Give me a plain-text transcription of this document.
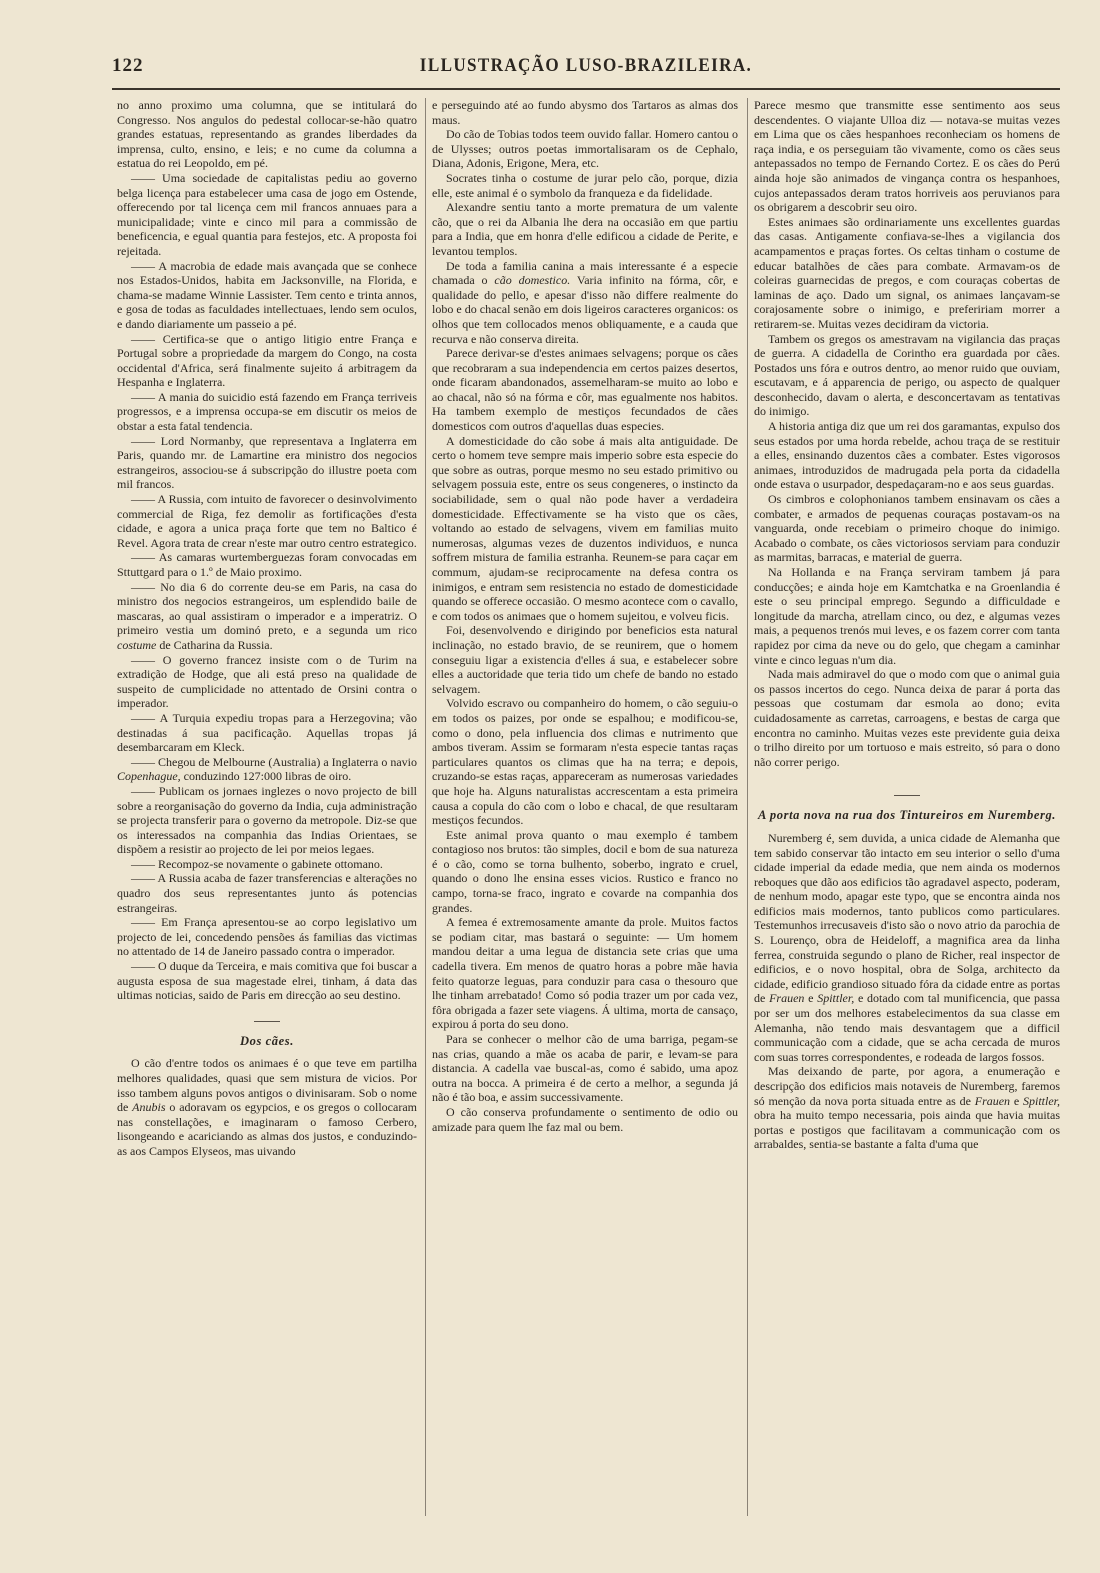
122	ILLUSTRAÇÃO LUSO-BRAZILEIRA.

no anno proximo uma columna, que se intitulará do Congresso. Nos angulos do pedestal collocar-se-hão quatro grandes estatuas, representando as grandes liberdades da imprensa, culto, ensino, e leis; e no cume da columna a estatua do rei Leopoldo, em pé.

—— Uma sociedade de capitalistas pediu ao governo belga licença para estabelecer uma casa de jogo em Ostende, offerecendo por tal licença cem mil francos annuaes para a municipalidade; vinte e cinco mil para a commissão de beneficencia, e egual quantia para festejos, etc. A proposta foi rejeitada.

—— A macrobia de edade mais avançada que se conhece nos Estados-Unidos, habita em Jacksonville, na Florida, e chama-se madame Winnie Lassister. Tem cento e trinta annos, e gosa de todas as faculdades intellectuaes, lendo sem oculos, e dando diariamente um passeio a pé.

—— Certifica-se que o antigo litigio entre França e Portugal sobre a propriedade da margem do Congo, na costa occidental d'Africa, será finalmente sujeito á arbitragem da Hespanha e Inglaterra.

—— A mania do suicidio está fazendo em França terriveis progressos, e a imprensa occupa-se em discutir os meios de obstar a esta fatal tendencia.

—— Lord Normanby, que representava a Inglaterra em Paris, quando mr. de Lamartine era ministro dos negocios estrangeiros, associou-se á subscripção do illustre poeta com mil francos.

—— A Russia, com intuito de favorecer o desinvolvimento commercial de Riga, fez demolir as fortificações d'esta cidade, e agora a unica praça forte que tem no Baltico é Revel. Agora trata de crear n'este mar outro centro estrategico.

—— As camaras wurtemberguezas foram convocadas em Sttuttgard para o 1.º de Maio proximo.

—— No dia 6 do corrente deu-se em Paris, na casa do ministro dos negocios estrangeiros, um esplendido baile de mascaras, ao qual assistiram o imperador e a imperatriz. O primeiro vestia um dominó preto, e a segunda um rico costume de Catharina da Russia.

—— O governo francez insiste com o de Turim na extradição de Hodge, que ali está preso na qualidade de suspeito de cumplicidade no attentado de Orsini contra o imperador.

—— A Turquia expediu tropas para a Herzegovina; vão destinadas á sua pacificação. Aquellas tropas já desembarcaram em Kleck.

—— Chegou de Melbourne (Australia) a Inglaterra o navio Copenhague, conduzindo 127:000 libras de oiro.

—— Publicam os jornaes inglezes o novo projecto de bill sobre a reorganisação do governo da India, cuja administração se projecta transferir para o governo da metropole. Diz-se que os interessados na companhia das Indias Orientaes, se dispõem a resistir ao projecto de lei por meios legaes.

—— Recompoz-se novamente o gabinete ottomano.

—— A Russia acaba de fazer transferencias e alterações no quadro dos seus representantes junto ás potencias estrangeiras.

—— Em França apresentou-se ao corpo legislativo um projecto de lei, concedendo pensões ás familias das victimas no attentado de 14 de Janeiro passado contra o imperador.

—— O duque da Terceira, e mais comitiva que foi buscar a augusta esposa de sua magestade elrei, tinham, á data das ultimas noticias, saido de Paris em direcção ao seu destino.

Dos cães.

O cão d'entre todos os animaes é o que teve em partilha melhores qualidades, quasi que sem mistura de vicios. Por isso tambem alguns povos antigos o divinisaram. Sob o nome de Anubis o adoravam os egypcios, e os gregos o collocaram nas constellações, e imaginaram o famoso Cerbero, lisongeando e acariciando as almas dos justos, e conduzindo-as aos Campos Elyseos, mas uivando

e perseguindo até ao fundo abysmo dos Tartaros as almas dos maus.

Do cão de Tobias todos teem ouvido fallar. Homero cantou o de Ulysses; outros poetas immortalisaram os de Cephalo, Diana, Adonis, Erigone, Mera, etc.

Socrates tinha o costume de jurar pelo cão, porque, dizia elle, este animal é o symbolo da franqueza e da fidelidade.

Alexandre sentiu tanto a morte prematura de um valente cão, que o rei da Albania lhe dera na occasião em que partiu para a India, que em honra d'elle edificou a cidade de Perite, e levantou templos.

De toda a familia canina a mais interessante é a especie chamada o cão domestico. Varia infinito na fórma, côr, e qualidade do pello, e apesar d'isso não differe realmente do lobo e do chacal senão em dois ligeiros caracteres organicos: os olhos que tem collocados menos obliquamente, e a cauda que recurva e não conserva direita.

Parece derivar-se d'estes animaes selvagens; porque os cães que recobraram a sua independencia em certos paizes desertos, onde ficaram abandonados, assemelharam-se muito ao lobo e ao chacal, não só na fórma e côr, mas egualmente nos habitos. Ha tambem exemplo de mestiços fecundados de cães domesticos com outros d'aquellas duas especies.

A domesticidade do cão sobe á mais alta antiguidade. De certo o homem teve sempre mais imperio sobre esta especie do que sobre as outras, porque mesmo no seu estado primitivo ou selvagem possuia este, entre os seus congeneres, o instincto da sociabilidade, sem o qual não pode haver a verdadeira domesticidade. Effectivamente se ha visto que os cães, voltando ao estado de selvagens, vivem em familias muito numerosas, algumas vezes de duzentos individuos, e nunca soffrem mistura de familia estranha. Reunem-se para caçar em commum, ajudam-se reciprocamente na defesa contra os inimigos, e entram sem resistencia no estado de domesticidade quando se offerece occasião. O mesmo acontece com o cavallo, e com todos os animaes que o homem sujeitou, e volveu ficis.

Foi, desenvolvendo e dirigindo por beneficios esta natural inclinação, no estado bravio, de se reunirem, que o homem conseguiu ligar a existencia d'elles á sua, e estabelecer sobre elles a auctoridade que teria tido um chefe de bando no estado selvagem.

Volvido escravo ou companheiro do homem, o cão seguiu-o em todos os paizes, por onde se espalhou; e modificou-se, como o dono, pela influencia dos climas e nutrimento que ambos tiveram. Assim se formaram n'esta especie tantas raças particulares quantos os climas que ha na terra; e depois, cruzando-se estas raças, appareceram as numerosas variedades que hoje ha. Alguns naturalistas accrescentam a esta primeira causa a copula do cão com o lobo e chacal, de que resultaram mestiços fecundos.

Este animal prova quanto o mau exemplo é tambem contagioso nos brutos: tão simples, docil e bom de sua natureza é o cão, como se torna bulhento, soberbo, ingrato e cruel, quando o dono lhe ensina esses vicios. Rustico e franco no campo, torna-se fraco, ingrato e covarde na companhia dos grandes.

A femea é extremosamente amante da prole. Muitos factos se podiam citar, mas bastará o seguinte: — Um homem mandou deitar a uma legua de distancia sete crias que uma cadella tivera. Em menos de quatro horas a pobre mãe havia feito quatorze leguas, para conduzir para casa o thesouro que lhe tinham arrebatado! Como só podia trazer um por cada vez, fôra obrigada a fazer sete viagens. Á ultima, morta de cansaço, expirou á porta do seu dono.

Para se conhecer o melhor cão de uma barriga, pegam-se nas crias, quando a mãe os acaba de parir, e levam-se para distancia. A cadella vae buscal-as, como é sabido, uma apoz outra na bocca. A primeira é de certo a melhor, a segunda já não é tão boa, e assim successivamente.

O cão conserva profundamente o sentimento de odio ou amizade para quem lhe faz mal ou bem.

Parece mesmo que transmitte esse sentimento aos seus descendentes. O viajante Ulloa diz — notava-se muitas vezes em Lima que os cães hespanhoes reconheciam os homens de raça india, e os perseguiam tão vivamente, como os cães seus antepassados no tempo de Fernando Cortez. E os cães do Perú ainda hoje são animados de vingança contra os hespanhoes, cujos antepassados deram tratos horriveis aos peruvianos para os obrigarem a descobrir seu oiro.

Estes animaes são ordinariamente uns excellentes guardas das casas. Antigamente confiava-se-lhes a vigilancia dos acampamentos e praças fortes. Os celtas tinham o costume de educar batalhões de cães para combate. Armavam-os de coleiras guarnecidas de pregos, e com couraças cobertas de laminas de aço. Dado um signal, os animaes lançavam-se corajosamente sobre o inimigo, e prefeririam morrer a retirarem-se. Muitas vezes decidiram da victoria.

Tambem os gregos os amestravam na vigilancia das praças de guerra. A cidadella de Corintho era guardada por cães. Postados uns fóra e outros dentro, ao menor ruido que ouviam, escutavam, e á apparencia de perigo, ou aspecto de qualquer desconhecido, davam o alerta, e desconcertavam as tentativas do inimigo.

A historia antiga diz que um rei dos garamantas, expulso dos seus estados por uma horda rebelde, achou traça de se restituir a elles, ensinando duzentos cães a combater. Estes vigorosos animaes, introduzidos de madrugada pela porta da cidadella onde estava o usurpador, despedaçaram-no e aos seus guardas.

Os cimbros e colophonianos tambem ensinavam os cães a combater, e armados de pequenas couraças postavam-os na vanguarda, onde recebiam o primeiro choque do inimigo. Acabado o combate, os cães victoriosos serviam para conduzir as marmitas, barracas, e material de guerra.

Na Hollanda e na França serviram tambem já para conducções; e ainda hoje em Kamtchatka e na Groenlandia é este o seu principal emprego. Segundo a difficuldade e longitude da marcha, atrellam cinco, ou dez, e algumas vezes mais, a pequenos trenós mui leves, e os fazem correr com tanta rapidez por cima da neve ou do gelo, que chegam a caminhar vinte e cinco leguas n'um dia.

Nada mais admiravel do que o modo com que o animal guia os passos incertos do cego. Nunca deixa de parar á porta das pessoas que costumam dar esmola ao dono; evita cuidadosamente as carretas, carroagens, e bestas de carga que encontra no caminho. Muitas vezes este previdente guia deixa o trilho direito por um tortuoso e mais estreito, só para o dono não correr perigo.

A porta nova na rua dos Tintureiros em Nuremberg.

Nuremberg é, sem duvida, a unica cidade de Alemanha que tem sabido conservar tão intacto em seu interior o sello d'uma cidade imperial da edade media, que nem ainda os modernos reboques que dão aos edificios tão agradavel aspecto, poderam, de nenhum modo, apagar este typo, que se encontra ainda nos edificios mais modernos, tanto publicos como particulares. Testemunhos irrecusaveis d'isto são o novo atrio da parochia de S. Lourenço, obra de Heideloff, a magnifica area da linha ferrea, construida segundo o plano de Richer, real inspector de edificios, e o novo hospital, obra de Solga, architecto da cidade, edificio grandioso situado fóra da cidade entre as portas de Frauen e Spittler, e dotado com tal munificencia, que passa por ser um dos melhores estabelecimentos da sua classe em Alemanha, não tendo mais desvantagem que a difficil communicação com a cidade, que se acha cercada de muros com suas torres correspondentes, e rodeada de largos fossos.

Mas deixando de parte, por agora, a enumeração e descripção dos edificios mais notaveis de Nuremberg, faremos só menção da nova porta situada entre as de Frauen e Spittler, obra ha muito tempo necessaria, pois ainda que havia muitas portas e postigos que facilitavam a communicação com os arrabaldes, sentia-se bastante a falta d'uma que
